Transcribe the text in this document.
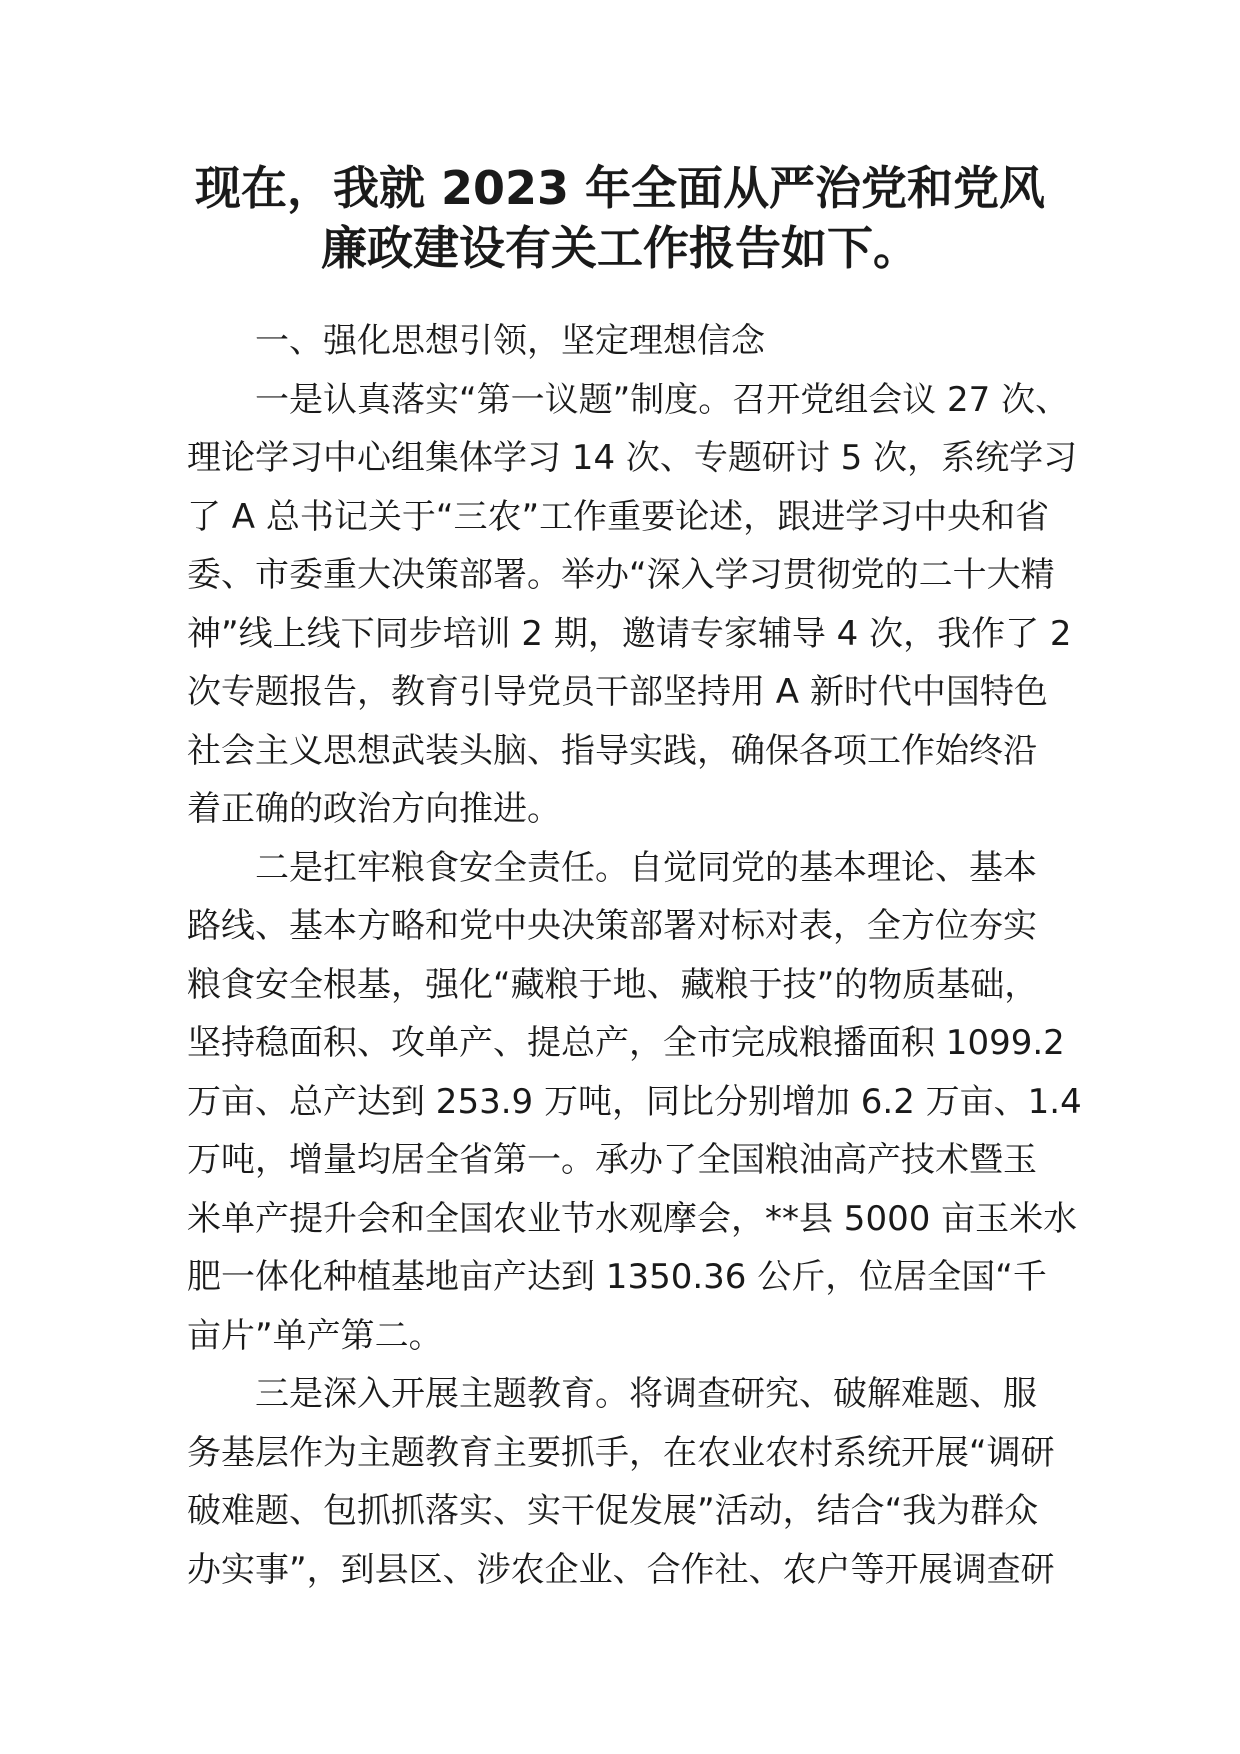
现在，我就 2023 年全面从严治党和党风
廉政建设有关工作报告如下。

一、强化思想引领，坚定理想信念

一是认真落实“第一议题”制度。召开党组会议 27 次、
理论学习中心组集体学习 14 次、专题研讨 5 次，系统学习
了 A 总书记关于“三农”工作重要论述，跟进学习中央和省
委、市委重大决策部署。举办“深入学习贯彻党的二十大精
神”线上线下同步培训 2 期，邀请专家辅导 4 次，我作了 2
次专题报告，教育引导党员干部坚持用 A 新时代中国特色
社会主义思想武装头脑、指导实践，确保各项工作始终沿
着正确的政治方向推进。

二是扛牢粮食安全责任。自觉同党的基本理论、基本
路线、基本方略和党中央决策部署对标对表，全方位夯实
粮食安全根基，强化“藏粮于地、藏粮于技”的物质基础，
坚持稳面积、攻单产、提总产，全市完成粮播面积 1099.2
万亩、总产达到 253.9 万吨，同比分别增加 6.2 万亩、1.4
万吨，增量均居全省第一。承办了全国粮油高产技术暨玉
米单产提升会和全国农业节水观摩会，**县 5000 亩玉米水
肥一体化种植基地亩产达到 1350.36 公斤，位居全国“千
亩片”单产第二。

三是深入开展主题教育。将调查研究、破解难题、服
务基层作为主题教育主要抓手，在农业农村系统开展“调研
破难题、包抓抓落实、实干促发展”活动，结合“我为群众
办实事”，到县区、涉农企业、合作社、农户等开展调查研
